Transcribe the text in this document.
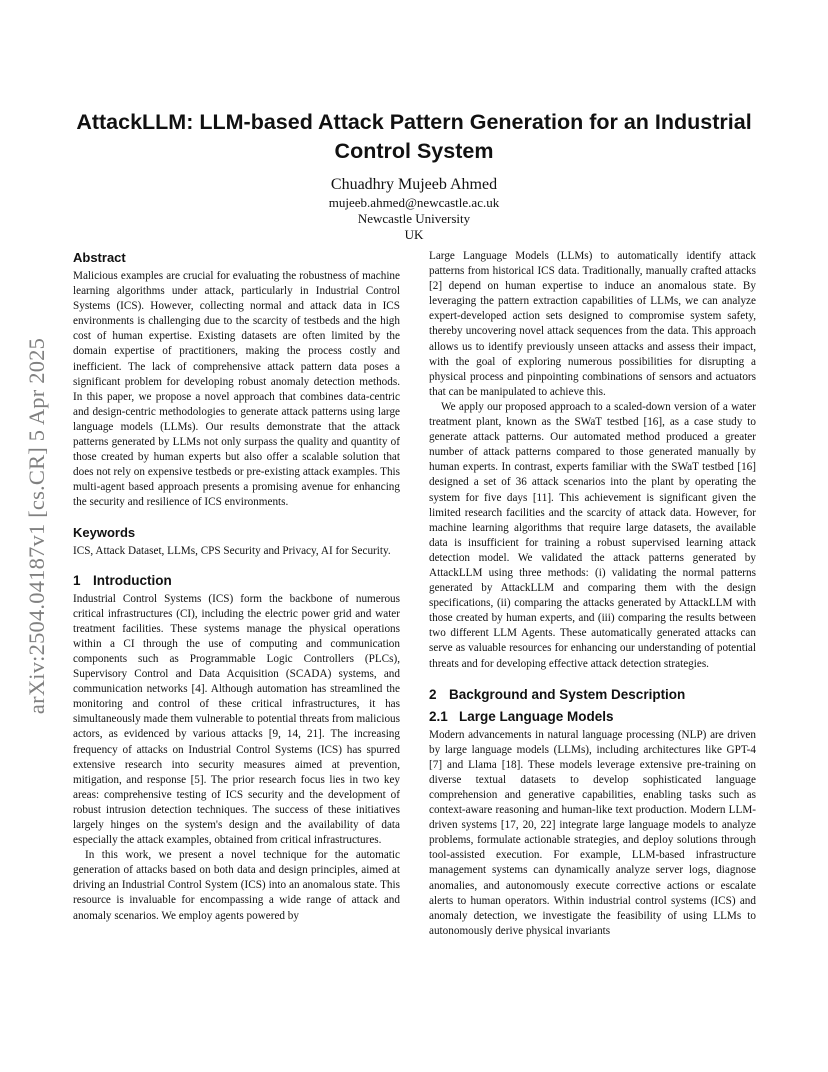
AttackLLM: LLM-based Attack Pattern Generation for an Industrial Control System
Chuadhry Mujeeb Ahmed
mujeeb.ahmed@newcastle.ac.uk
Newcastle University
UK
arXiv:2504.04187v1 [cs.CR] 5 Apr 2025
Abstract

Malicious examples are crucial for evaluating the robustness of machine learning algorithms under attack, particularly in Industrial Control Systems (ICS). However, collecting normal and attack data in ICS environments is challenging due to the scarcity of testbeds and the high cost of human expertise. Existing datasets are often limited by the domain expertise of practitioners, making the process costly and inefficient. The lack of comprehensive attack pattern data poses a significant problem for developing robust anomaly detection methods. In this paper, we propose a novel approach that combines data-centric and design-centric methodologies to generate attack patterns using large language models (LLMs). Our results demonstrate that the attack patterns generated by LLMs not only surpass the quality and quantity of those created by human experts but also offer a scalable solution that does not rely on expensive testbeds or pre-existing attack examples. This multi-agent based approach presents a promising avenue for enhancing the security and resilience of ICS environments.

Keywords

ICS, Attack Dataset, LLMs, CPS Security and Privacy, AI for Security.

1 Introduction

Industrial Control Systems (ICS) form the backbone of numerous critical infrastructures (CI), including the electric power grid and water treatment facilities. These systems manage the physical operations within a CI through the use of computing and communication components such as Programmable Logic Controllers (PLCs), Supervisory Control and Data Acquisition (SCADA) systems, and communication networks [4]. Although automation has streamlined the monitoring and control of these critical infrastructures, it has simultaneously made them vulnerable to potential threats from malicious actors, as evidenced by various attacks [9, 14, 21]. The increasing frequency of attacks on Industrial Control Systems (ICS) has spurred extensive research into security measures aimed at prevention, mitigation, and response [5]. The prior research focus lies in two key areas: comprehensive testing of ICS security and the development of robust intrusion detection techniques. The success of these initiatives largely hinges on the system's design and the availability of data especially the attack examples, obtained from critical infrastructures.

In this work, we present a novel technique for the automatic generation of attacks based on both data and design principles, aimed at driving an Industrial Control System (ICS) into an anomalous state. This resource is invaluable for encompassing a wide range of attack and anomaly scenarios. We employ agents powered by

Large Language Models (LLMs) to automatically identify attack patterns from historical ICS data. Traditionally, manually crafted attacks [2] depend on human expertise to induce an anomalous state. By leveraging the pattern extraction capabilities of LLMs, we can analyze expert-developed action sets designed to compromise system safety, thereby uncovering novel attack sequences from the data. This approach allows us to identify previously unseen attacks and assess their impact, with the goal of exploring numerous possibilities for disrupting a physical process and pinpointing combinations of sensors and actuators that can be manipulated to achieve this.

We apply our proposed approach to a scaled-down version of a water treatment plant, known as the SWaT testbed [16], as a case study to generate attack patterns. Our automated method produced a greater number of attack patterns compared to those generated manually by human experts. In contrast, experts familiar with the SWaT testbed [16] designed a set of 36 attack scenarios into the plant by operating the system for five days [11]. This achievement is significant given the limited research facilities and the scarcity of attack data. However, for machine learning algorithms that require large datasets, the available data is insufficient for training a robust supervised learning attack detection model. We validated the attack patterns generated by AttackLLM using three methods: (i) validating the normal patterns generated by AttackLLM and comparing them with the design specifications, (ii) comparing the attacks generated by AttackLLM with those created by human experts, and (iii) comparing the results between two different LLM Agents. These automatically generated attacks can serve as valuable resources for enhancing our understanding of potential threats and for developing effective attack detection strategies.

2 Background and System Description
2.1 Large Language Models

Modern advancements in natural language processing (NLP) are driven by large language models (LLMs), including architectures like GPT-4 [7] and Llama [18]. These models leverage extensive pre-training on diverse textual datasets to develop sophisticated language comprehension and generative capabilities, enabling tasks such as context-aware reasoning and human-like text production. Modern LLM-driven systems [17, 20, 22] integrate large language models to analyze problems, formulate actionable strategies, and deploy solutions through tool-assisted execution. For example, LLM-based infrastructure management systems can dynamically analyze server logs, diagnose anomalies, and autonomously execute corrective actions or escalate alerts to human operators. Within industrial control systems (ICS) and anomaly detection, we investigate the feasibility of using LLMs to autonomously derive physical invariants
